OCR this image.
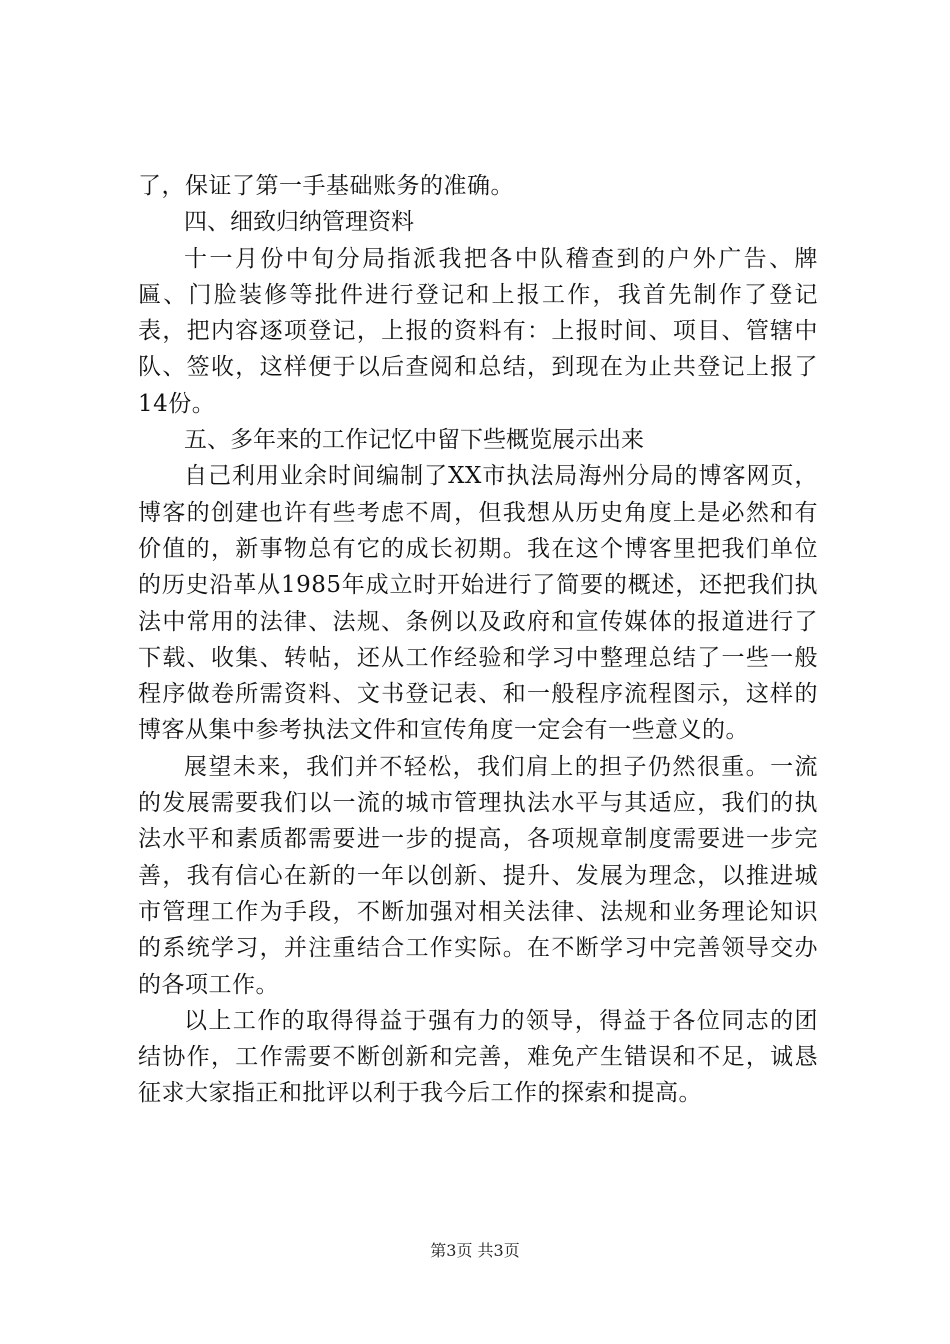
了，保证了第一手基础账务的准确。

四、细致归纳管理资料

十一月份中旬分局指派我把各中队稽查到的户外广告、牌匾、门脸装修等批件进行登记和上报工作，我首先制作了登记表，把内容逐项登记，上报的资料有：上报时间、项目、管辖中队、签收，这样便于以后查阅和总结，到现在为止共登记上报了14份。

五、多年来的工作记忆中留下些概览展示出来

自己利用业余时间编制了XX市执法局海州分局的博客网页，博客的创建也许有些考虑不周，但我想从历史角度上是必然和有价值的，新事物总有它的成长初期。我在这个博客里把我们单位的历史沿革从1985年成立时开始进行了简要的概述，还把我们执法中常用的法律、法规、条例以及政府和宣传媒体的报道进行了下载、收集、转帖，还从工作经验和学习中整理总结了一些一般程序做卷所需资料、文书登记表、和一般程序流程图示，这样的博客从集中参考执法文件和宣传角度一定会有一些意义的。

展望未来，我们并不轻松，我们肩上的担子仍然很重。一流的发展需要我们以一流的城市管理执法水平与其适应，我们的执法水平和素质都需要进一步的提高，各项规章制度需要进一步完善，我有信心在新的一年以创新、提升、发展为理念，以推进城市管理工作为手段，不断加强对相关法律、法规和业务理论知识的系统学习，并注重结合工作实际。在不断学习中完善领导交办的各项工作。

以上工作的取得得益于强有力的领导，得益于各位同志的团结协作，工作需要不断创新和完善，难免产生错误和不足，诚恳征求大家指正和批评以利于我今后工作的探索和提高。

第3页 共3页
